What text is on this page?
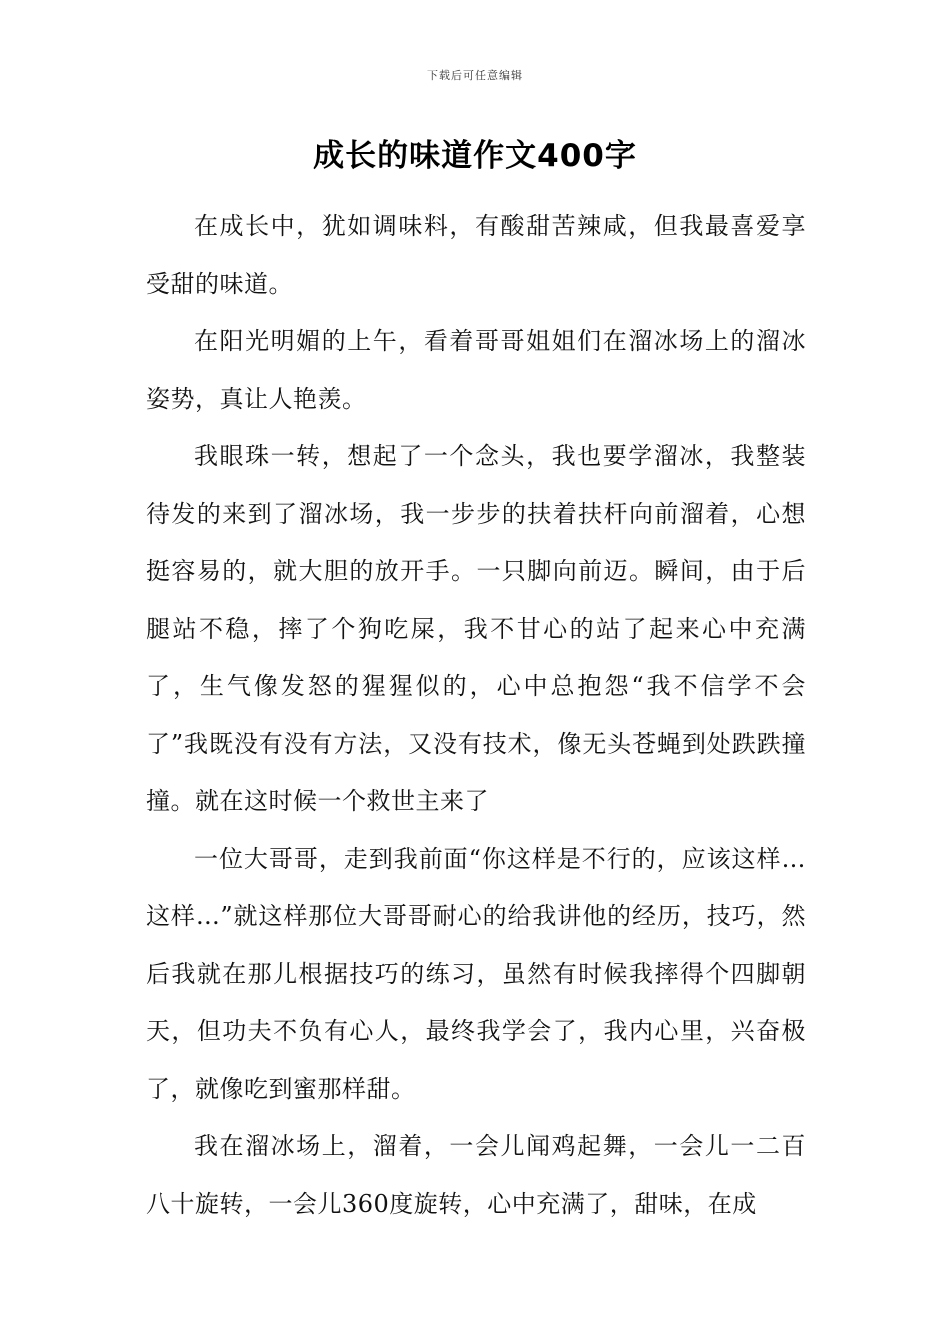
下载后可任意编辑
成长的味道作文400字

在成长中，犹如调味料，有酸甜苦辣咸，但我最喜爱享受甜的味道。

在阳光明媚的上午，看着哥哥姐姐们在溜冰场上的溜冰姿势，真让人艳羡。

我眼珠一转，想起了一个念头，我也要学溜冰，我整装待发的来到了溜冰场，我一步步的扶着扶杆向前溜着，心想挺容易的，就大胆的放开手。一只脚向前迈。瞬间，由于后腿站不稳，摔了个狗吃屎，我不甘心的站了起来心中充满了，生气像发怒的猩猩似的，心中总抱怨“我不信学不会了”我既没有没有方法，又没有技术，像无头苍蝇到处跌跌撞撞。就在这时候一个救世主来了

一位大哥哥，走到我前面“你这样是不行的，应该这样…这样…”就这样那位大哥哥耐心的给我讲他的经历，技巧，然后我就在那儿根据技巧的练习，虽然有时候我摔得个四脚朝天，但功夫不负有心人，最终我学会了，我内心里，兴奋极了，就像吃到蜜那样甜。

我在溜冰场上，溜着，一会儿闻鸡起舞，一会儿一二百八十旋转，一会儿360度旋转，心中充满了，甜味，在成
